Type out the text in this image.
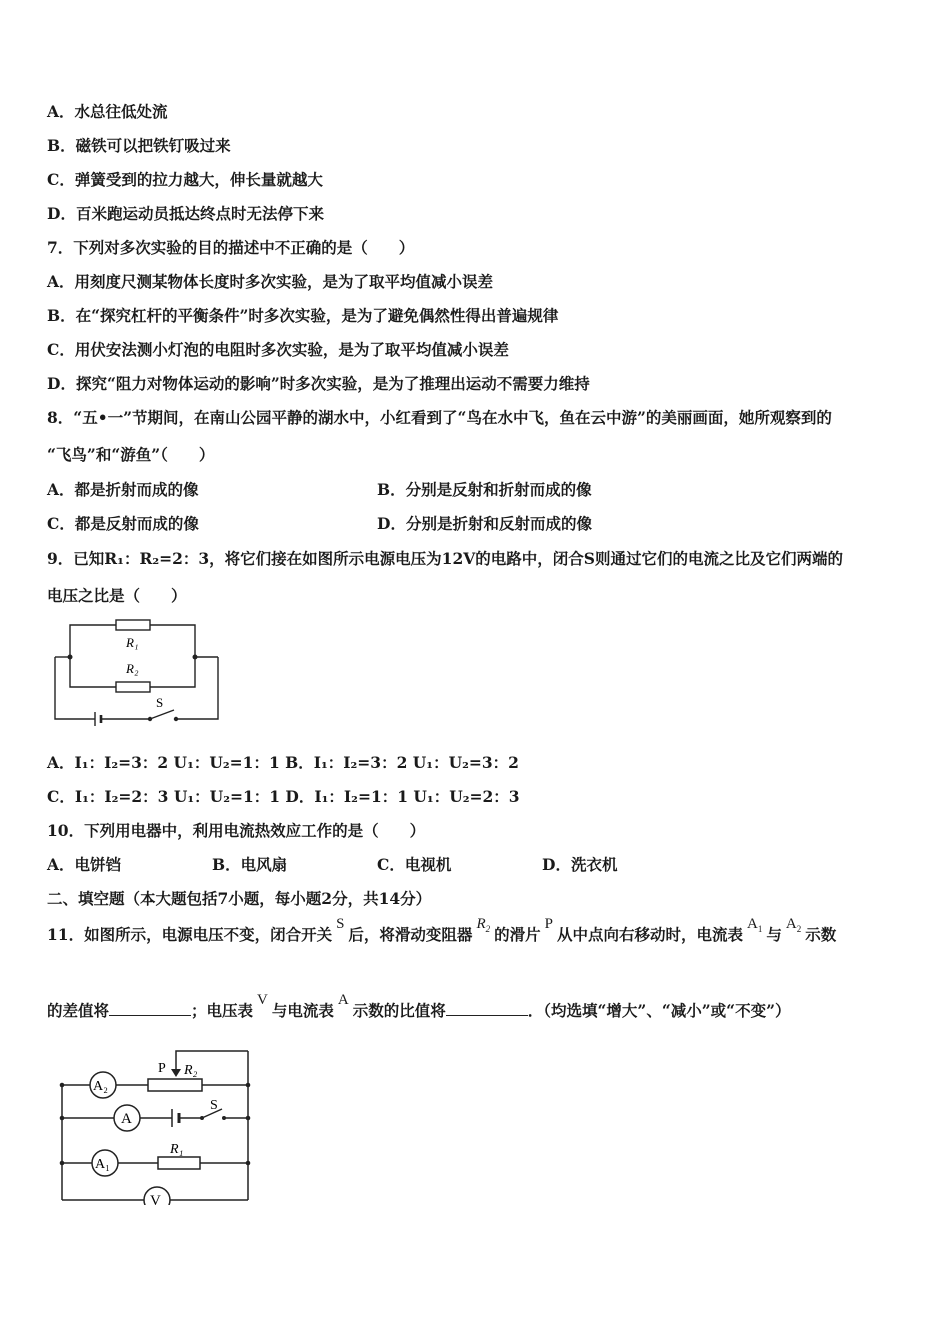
A．水总往低处流
B．磁铁可以把铁钉吸过来
C．弹簧受到的拉力越大，伸长量就越大
D．百米跑运动员抵达终点时无法停下来
7．下列对多次实验的目的描述中不正确的是（　　）
A．用刻度尺测某物体长度时多次实验，是为了取平均值减小误差
B．在“探究杠杆的平衡条件”时多次实验，是为了避免偶然性得出普遍规律
C．用伏安法测小灯泡的电阻时多次实验，是为了取平均值减小误差
D．探究“阻力对物体运动的影响”时多次实验，是为了推理出运动不需要力维持
8．“五•一”节期间，在南山公园平静的湖水中，小红看到了“鸟在水中飞，鱼在云中游”的美丽画面，她所观察到的
“飞鸟”和“游鱼”（　　）
A．都是折射而成的像	B．分别是反射和折射而成的像
C．都是反射而成的像	D．分别是折射和反射而成的像
9．已知R₁：R₂=2：3，将它们接在如图所示电源电压为12V的电路中，闭合S则通过它们的电流之比及它们两端的
电压之比是（　　）
R₁
R₂
S
A．I₁：I₂=3：2 U₁：U₂=1：1 B．I₁：I₂=3：2 U₁：U₂=3：2
C．I₁：I₂=2：3 U₁：U₂=1：1 D．I₁：I₂=1：1 U₁：U₂=2：3
10．下列用电器中，利用电流热效应工作的是（　　）
A．电饼铛	B．电风扇	C．电视机	D．洗衣机
二、填空题（本大题包括7小题，每小题2分，共14分）
11．如图所示，电源电压不变，闭合开关S后，将滑动变阻器$R_2$ 的滑片P从中点向右移动时，电流表$A_1$ 与$A_2$ 示数
的差值将	；电压表V与电流表A示数的比值将	．（均选填“增大”、“减小”或“不变”）
A₂
A
A₁
V
P R₂
S
R₁
